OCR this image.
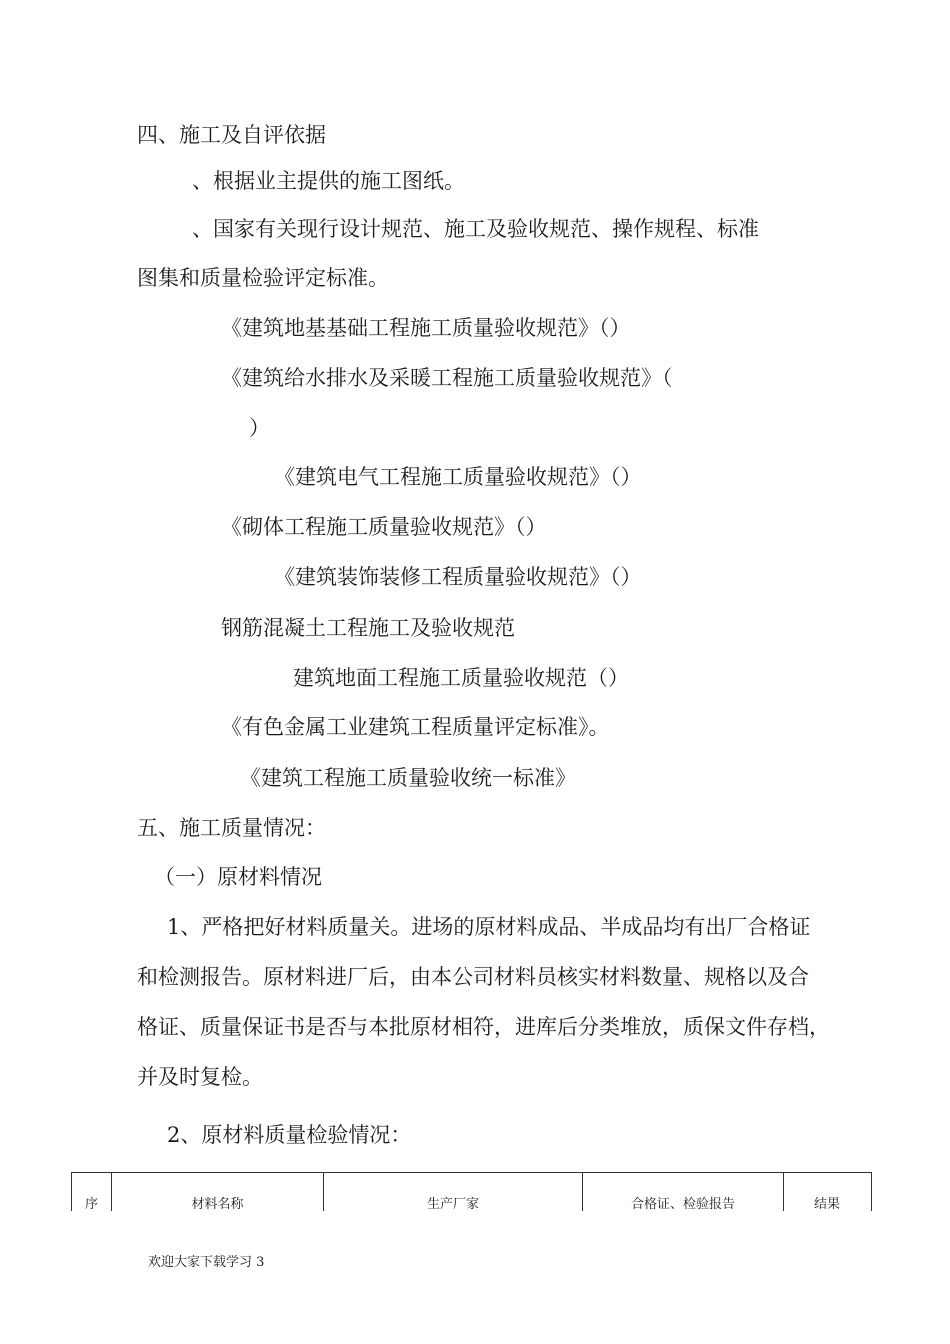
四、施工及自评依据
、根据业主提供的施工图纸。
、国家有关现行设计规范、施工及验收规范、操作规程、标准
图集和质量检验评定标准。
《建筑地基基础工程施工质量验收规范》（）
《建筑给水排水及采暖工程施工质量验收规范》（
）
《建筑电气工程施工质量验收规范》（）
《砌体工程施工质量验收规范》（）
《建筑装饰装修工程质量验收规范》（）
钢筋混凝土工程施工及验收规范
建筑地面工程施工质量验收规范（）
《有色金属工业建筑工程质量评定标准》。
《建筑工程施工质量验收统一标准》
五、施工质量情况：
（一）原材料情况
1、严格把好材料质量关。进场的原材料成品、半成品均有出厂合格证
和检测报告。原材料进厂后，由本公司材料员核实材料数量、规格以及合
格证、质量保证书是否与本批原材相符，进库后分类堆放，质保文件存档，
并及时复检。
2、原材料质量检验情况：
序	材料名称	生产厂家	合格证、检验报告	结果
欢迎大家下载学习 3
